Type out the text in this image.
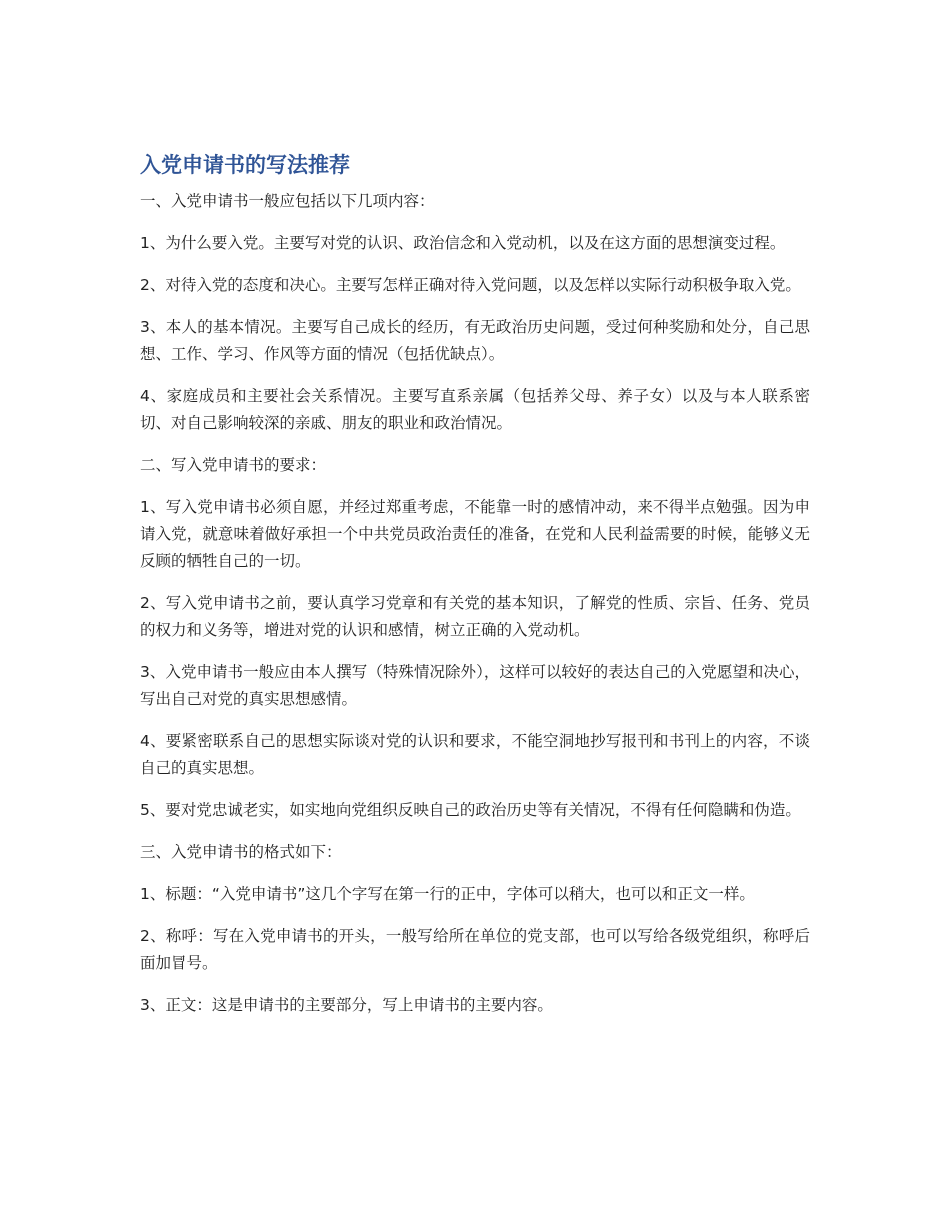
入党申请书的写法推荐

一、入党申请书一般应包括以下几项内容：

1、为什么要入党。主要写对党的认识、政治信念和入党动机，以及在这方面的思想演变过程。

2、对待入党的态度和决心。主要写怎样正确对待入党问题，以及怎样以实际行动积极争取入党。

3、本人的基本情况。主要写自己成长的经历，有无政治历史问题，受过何种奖励和处分，自己思想、工作、学习、作风等方面的情况（包括优缺点）。

4、家庭成员和主要社会关系情况。主要写直系亲属（包括养父母、养子女）以及与本人联系密切、对自己影响较深的亲戚、朋友的职业和政治情况。

二、写入党申请书的要求：

1、写入党申请书必须自愿，并经过郑重考虑，不能靠一时的感情冲动，来不得半点勉强。因为申请入党，就意味着做好承担一个中共党员政治责任的准备，在党和人民利益需要的时候，能够义无反顾的牺牲自己的一切。

2、写入党申请书之前，要认真学习党章和有关党的基本知识，了解党的性质、宗旨、任务、党员的权力和义务等，增进对党的认识和感情，树立正确的入党动机。

3、入党申请书一般应由本人撰写（特殊情况除外），这样可以较好的表达自己的入党愿望和决心，写出自己对党的真实思想感情。

4、要紧密联系自己的思想实际谈对党的认识和要求，不能空洞地抄写报刊和书刊上的内容，不谈自己的真实思想。

5、要对党忠诚老实，如实地向党组织反映自己的政治历史等有关情况，不得有任何隐瞒和伪造。

三、入党申请书的格式如下：

1、标题：“入党申请书”这几个字写在第一行的正中，字体可以稍大，也可以和正文一样。

2、称呼：写在入党申请书的开头，一般写给所在单位的党支部，也可以写给各级党组织，称呼后面加冒号。

3、正文：这是申请书的主要部分，写上申请书的主要内容。
